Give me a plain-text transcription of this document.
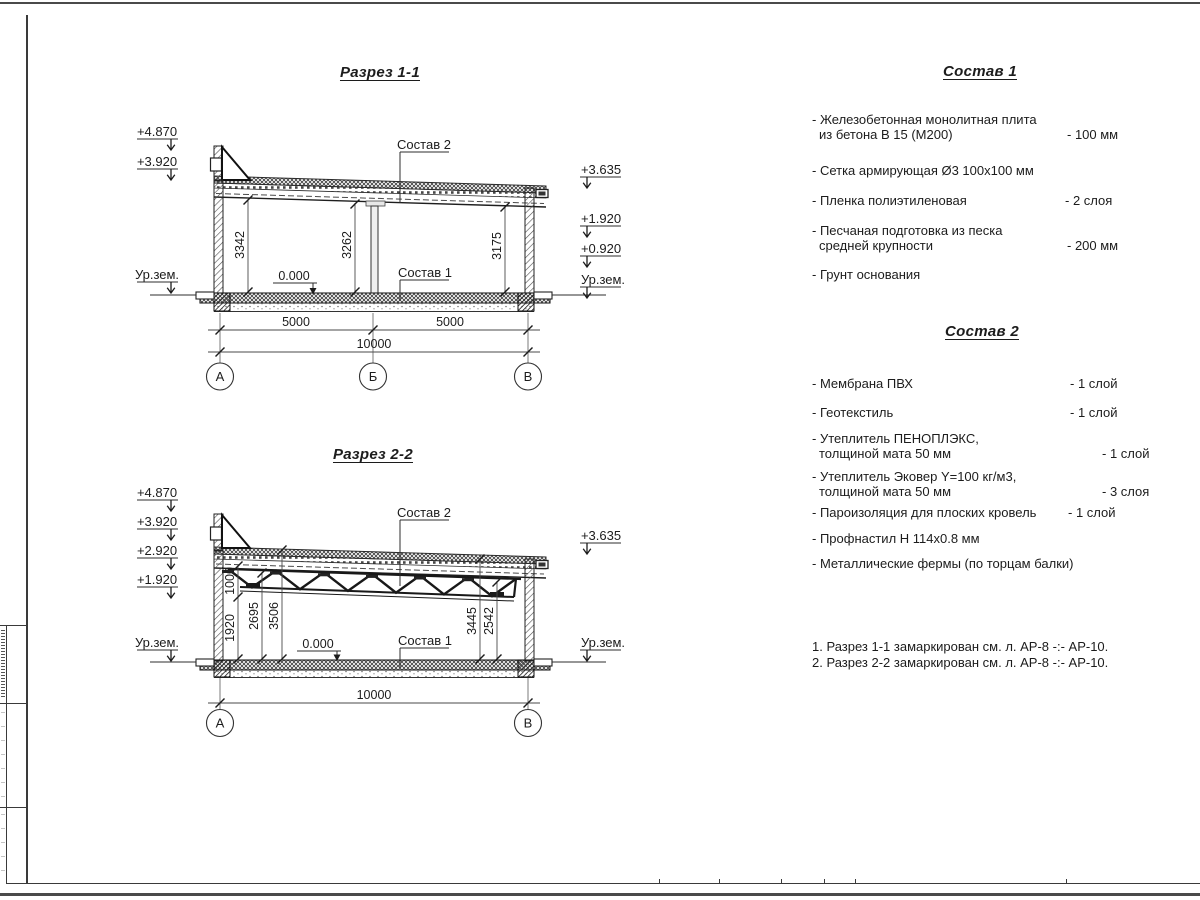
Разрез 1-1
Разрез 2-2
Состав 1
Состав 2
3342	3262	3175
Состав 2
Состав 1
0.000
5000	5000
10000
А	Б	В
+4.870
+3.920
Ур.зем.
+3.635
+1.920
+0.920
Ур.зем.
1000
1920 2695 3506	3445 2542
Состав 2
Состав 1
0.000
10000
А	В
+4.870
+3.920
+2.920
+1.920
Ур.зем.
+3.635
Ур.зем.
- Железобетонная монолитная плита
из бетона В 15 (М200)	- 100 мм
- Сетка армирующая Ø3 100х100 мм
- Пленка полиэтиленовая	- 2 слоя
- Песчаная подготовка из песка
средней крупности	- 200 мм
- Грунт основания
- Мембрана ПВХ	- 1 слой
- Геотекстиль	- 1 слой
- Утеплитель ПЕНОПЛЭКС,
толщиной мата 50 мм	- 1 слой
- Утеплитель Эковер Y=100 кг/м3,
толщиной мата 50 мм	- 3 слоя
- Пароизоляция для плоских кровель	- 1 слой
- Профнастил Н 114х0.8 мм
- Металлические фермы (по торцам балки)
1. Разрез 1-1 замаркирован см. л. АР-8 -:- АР-10.
2. Разрез 2-2 замаркирован см. л. АР-8 -:- АР-10.
